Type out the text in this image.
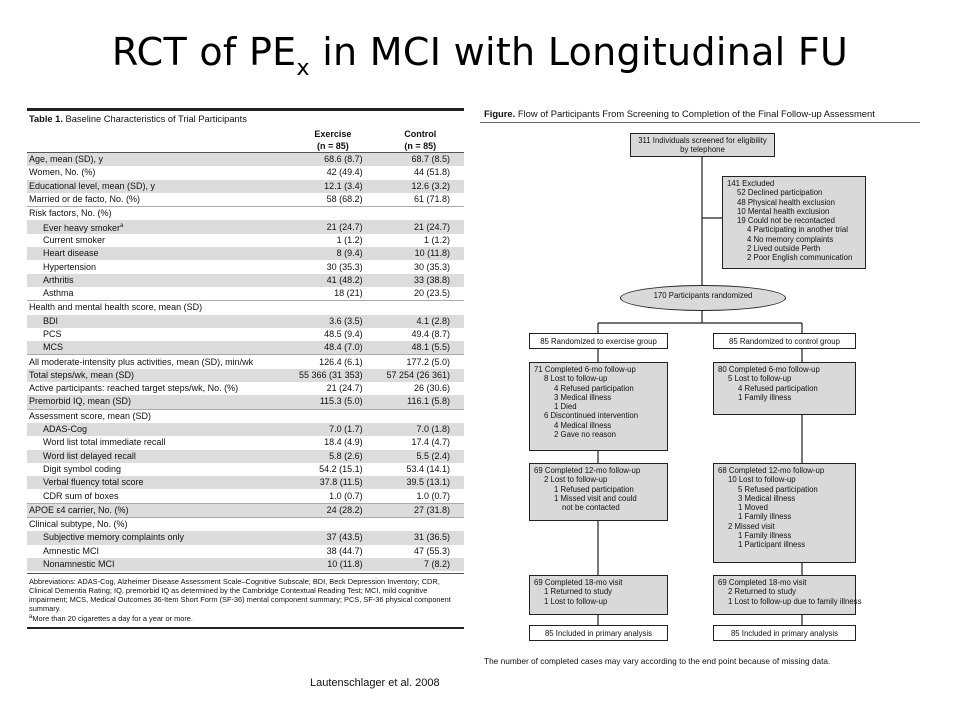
RCT of $PE_x$ in MCI with Longitudinal FU
Table 1. Baseline Characteristics of Trial Participants
	Exercise	Control
	(n = 85)	(n = 85)
Age, mean (SD), y	68.6 (8.7)	68.7 (8.5)
Women, No. (%)	42 (49.4)	44 (51.8)
Educational level, mean (SD), y	12.1 (3.4)	12.6 (3.2)
Married or de facto, No. (%)	58 (68.2)	61 (71.8)
Risk factors, No. (%)		
Ever heavy smoker$^a$	21 (24.7)	21 (24.7)
Current smoker	1 (1.2)	1 (1.2)
Heart disease	8 (9.4)	10 (11.8)
Hypertension	30 (35.3)	30 (35.3)
Arthritis	41 (48.2)	33 (38.8)
Asthma	18 (21)	20 (23.5)
Health and mental health score, mean (SD)		
BDI	3.6 (3.5)	4.1 (2.8)
PCS	48.5 (9.4)	49.4 (8.7)
MCS	48.4 (7.0)	48.1 (5.5)
All moderate-intensity plus activities, mean (SD), min/wk	126.4 (6.1)	177.2 (5.0)
Total steps/wk, mean (SD)	55 366 (31 353)	57 254 (26 361)
Active participants: reached target steps/wk, No. (%)	21 (24.7)	26 (30.6)
Premorbid IQ, mean (SD)	115.3 (5.0)	116.1 (5.8)
Assessment score, mean (SD)		
ADAS-Cog	7.0 (1.7)	7.0 (1.8)
Word list total immediate recall	18.4 (4.9)	17.4 (4.7)
Word list delayed recall	5.8 (2.6)	5.5 (2.4)
Digit symbol coding	54.2 (15.1)	53.4 (14.1)
Verbal fluency total score	37.8 (11.5)	39.5 (13.1)
CDR sum of boxes	1.0 (0.7)	1.0 (0.7)
APOE ε4 carrier, No. (%)	24 (28.2)	27 (31.8)
Clinical subtype, No. (%)		
Subjective memory complaints only	37 (43.5)	31 (36.5)
Amnestic MCI	38 (44.7)	47 (55.3)
Nonamnestic MCI	10 (11.8)	7 (8.2)
Abbreviations: ADAS-Cog, Alzheimer Disease Assessment Scale–Cognitive Subscale; BDI, Beck Depression Inventory; CDR, Clinical Dementia Rating; IQ, premorbid IQ as determined by the Cambridge Contextual Reading Test; MCI, mild cognitive impairment; MCS, Medical Outcomes 36-Item Short Form (SF-36) mental component summary; PCS, SF-36 physical component summary.
$^a$More than 20 cigarettes a day for a year or more.
Lautenschlager et al. 2008
Figure. Flow of Participants From Screening to Completion of the Final Follow-up Assessment
311 Individuals screened for eligibility
by telephone
141 Excluded
52 Declined participation
48 Physical health exclusion
10 Mental health exclusion
19 Could not be recontacted
4 Participating in another trial
4 No memory complaints
2 Lived outside Perth
2 Poor English communication
170 Participants randomized
85 Randomized to exercise group	85 Randomized to control group
71 Completed 6-mo follow-up
8 Lost to follow-up
4 Refused participation
3 Medical illness
1 Died
6 Discontinued intervention
4 Medical illness
2 Gave no reason
80 Completed 6-mo follow-up
5 Lost to follow-up
4 Refused participation
1 Family illness
69 Completed 12-mo follow-up
2 Lost to follow-up
1 Refused participation
1 Missed visit and could
not be contacted
68 Completed 12-mo follow-up
10 Lost to follow-up
5 Refused participation
3 Medical illness
1 Moved
1 Family illness
2 Missed visit
1 Family illness
1 Participant illness
69 Completed 18-mo visit
1 Returned to study
1 Lost to follow-up
69 Completed 18-mo visit
2 Returned to study
1 Lost to follow-up due to family illness
85 Included in primary analysis	85 Included in primary analysis
The number of completed cases may vary according to the end point because of missing data.
